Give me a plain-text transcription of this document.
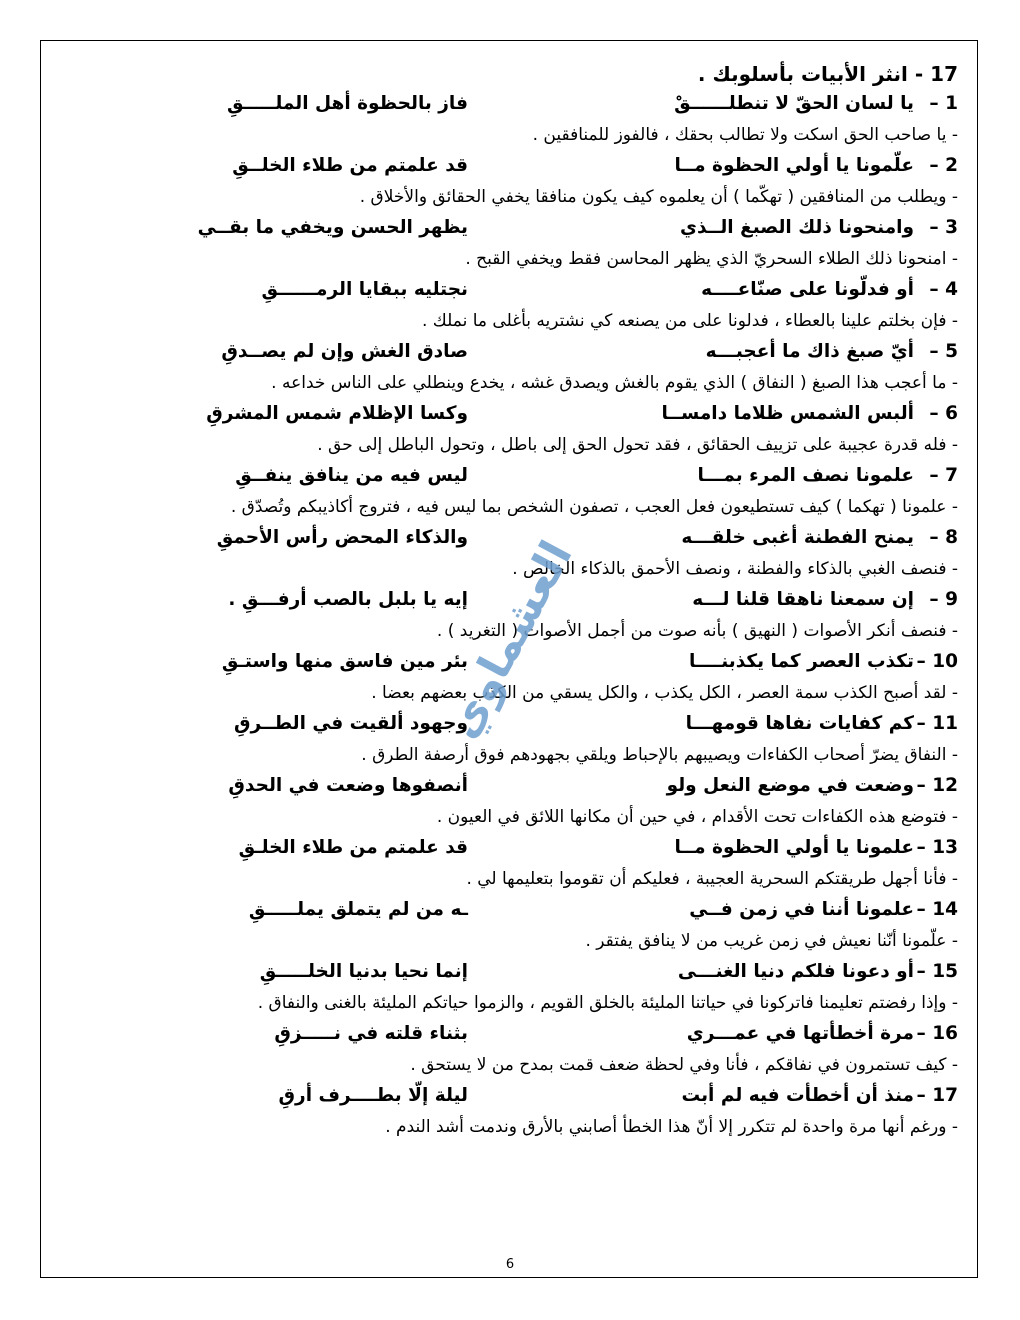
17 - انثر الأبيات بأسلوبك .
1 –
يا لسان الحقّ لا تنطلــــــقْ
فاز بالحظوة أهل الملـــــقِ
- يا صاحب الحق اسكت ولا تطالب بحقك ، فالفوز للمنافقين .
2 –
علّمونا يا أولي الحظوة مــا
قد علمتم من طلاء الخلــقِ
- ويطلب من المنافقين ( تهكّما ) أن يعلموه كيف يكون منافقا يخفي الحقائق والأخلاق .
3 –
وامنحونا ذلك الصبغ الــذي
يظهر الحسن ويخفي ما بقــي
- امنحونا ذلك الطلاء السحريّ الذي يظهر المحاسن فقط ويخفي القبح .
4 –
أو فدلّونا على صنّاعــــه
نجتليه ببقايا الرمــــــقِ
- فإن بخلتم علينا بالعطاء ، فدلونا على من يصنعه كي نشتريه بأغلى ما نملك .
5 –
أيّ صبغ ذاك ما أعجبـــه
صادق الغش وإن لم يصــدقِ
- ما أعجب هذا الصبغ ( النفاق ) الذي يقوم بالغش ويصدق غشه ، يخدع وينطلي على الناس خداعه .
6 –
ألبس الشمس ظلاما دامســا
وكسا الإظلام شمس المشرقِ
- فله قدرة عجيبة على تزييف الحقائق ، فقد تحول الحق إلى باطل ، وتحول الباطل إلى حق .
7 –
علمونا نصف المرء بمـــا
ليس فيه من ينافق ينفــقِ
- علمونا ( تهكما ) كيف تستطيعون فعل العجب ، تصفون الشخص بما ليس فيه ، فتروج أكاذيبكم وتُصدّق .
8 –
يمنح الفطنة أغبى خلقـــه
والذكاء المحض رأس الأحمقِ
- فنصف الغبي بالذكاء والفطنة ، ونصف الأحمق بالذكاء الخالص .
9 –
إن سمعنا ناهقا قلنا لـــه
إيه يا بلبل بالصب أرفـــقِ .
- فنصف أنكر الأصوات ( النهيق ) بأنه صوت من أجمل الأصوات ( التغريد ) .
10 –
تكذب العصر كما يكذبنــــا
بئر مين فاسق منها واستـقِ
- لقد أصبح الكذب سمة العصر ، الكل يكذب ، والكل يسقي من الكذب بعضهم بعضا .
11 –
كم كفايات نفاها قومهـــا
وجهود ألقيت في الطــرقِ
- النفاق يضرّ أصحاب الكفاءات ويصيبهم بالإحباط ويلقي بجهودهم فوق أرصفة الطرق .
12 –
وضعت في موضع النعل ولو
أنصفوها وضعت في الحدقِ
- فتوضع هذه الكفاءات تحت الأقدام ، في حين أن مكانها اللائق في العيون .
13 –
علمونا يا أولي الحظوة مــا
قد علمتم من طلاء الخلـقِ
- فأنا أجهل طريقتكم السحرية العجيبة ، فعليكم أن تقوموا بتعليمها لي .
14 –
علمونا أننا في زمن فــي
ـه من لم يتملق يملـــــقِ
- علّمونا أنّنا نعيش في زمن غريب من لا ينافق يفتقر .
15 –
أو دعونا فلكم دنيا الغنـــى
إنما نحيا بدنيا الخلـــــقِ
- وإذا رفضتم تعليمنا فاتركونا في حياتنا المليئة بالخلق القويم ، والزموا حياتكم المليئة بالغنى والنفاق .
16 –
مرة أخطأتها في عمـــري
بثناء قلته في نـــــزقِ
- كيف تستمرون في نفاقكم ، فأنا وفي لحظة ضعف قمت بمدح من لا يستحق .
17 –
منذ أن أخطأت فيه لم أبت
ليلة إلّا بطــــرف أرقِ
- ورغم أنها مرة واحدة لم تتكرر إلا أنّ هذا الخطأ أصابني بالأرق وندمت أشد الندم .
العشماوي
6
